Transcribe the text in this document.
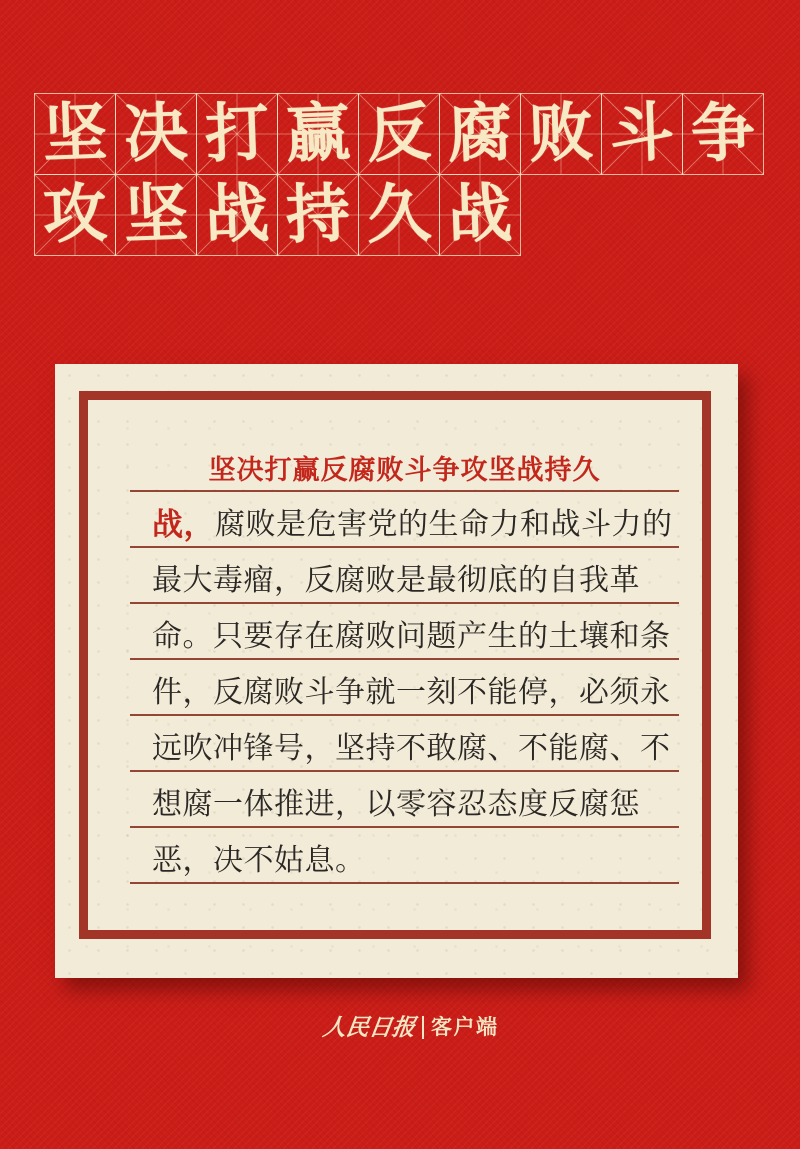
坚 决 打 赢 反 腐 败 斗 争
攻 坚 战 持 久 战
坚决打赢反腐败斗争攻坚战持久
战， 腐败是危害党的生命力和战斗力的
最大毒瘤，反腐败是最彻底的自我革
命。只要存在腐败问题产生的土壤和条
件，反腐败斗争就一刻不能停，必须永
远吹冲锋号，坚持不敢腐、不能腐、不
想腐一体推进，以零容忍态度反腐惩
恶，决不姑息。
人民日报 客户端
